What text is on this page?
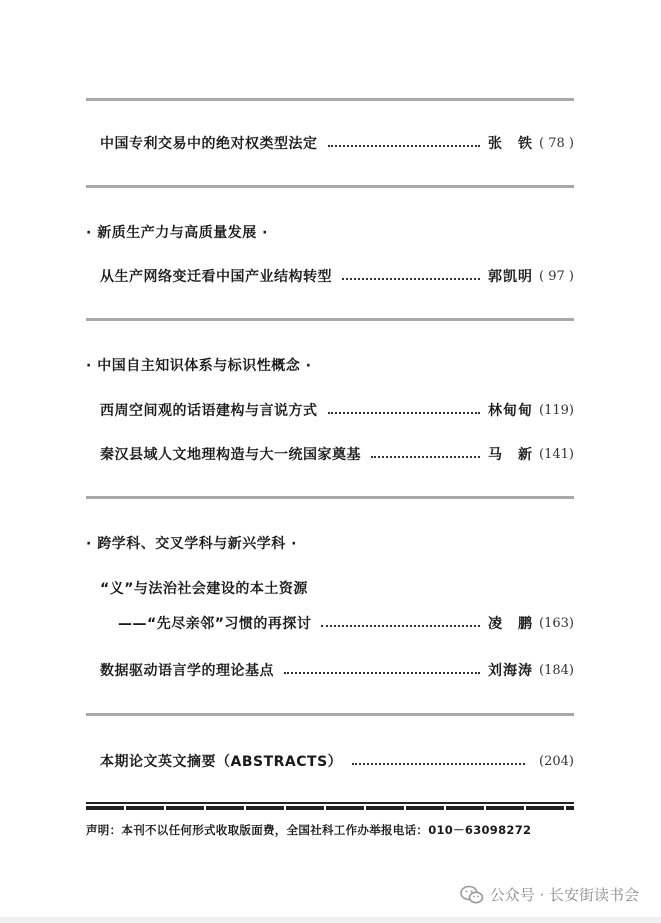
中国专利交易中的绝对权类型法定	张　铁 ( 78 )
· 新质生产力与高质量发展 ·
从生产网络变迁看中国产业结构转型	郭凯明 ( 97 )
· 中国自主知识体系与标识性概念 ·
西周空间观的话语建构与言说方式	林甸甸 (119)
秦汉县域人文地理构造与大一统国家奠基	马　新 (141)
· 跨学科、交叉学科与新兴学科 ·
“义”与法治社会建设的本土资源
——“先尽亲邻”习惯的再探讨	凌　鹏 (163)
数据驱动语言学的理论基点	刘海涛 (184)
本期论文英文摘要（ABSTRACTS）	(204)
声明：本刊不以任何形式收取版面费，全国社科工作办举报电话：010－63098272
公众号 · 长安街读书会
